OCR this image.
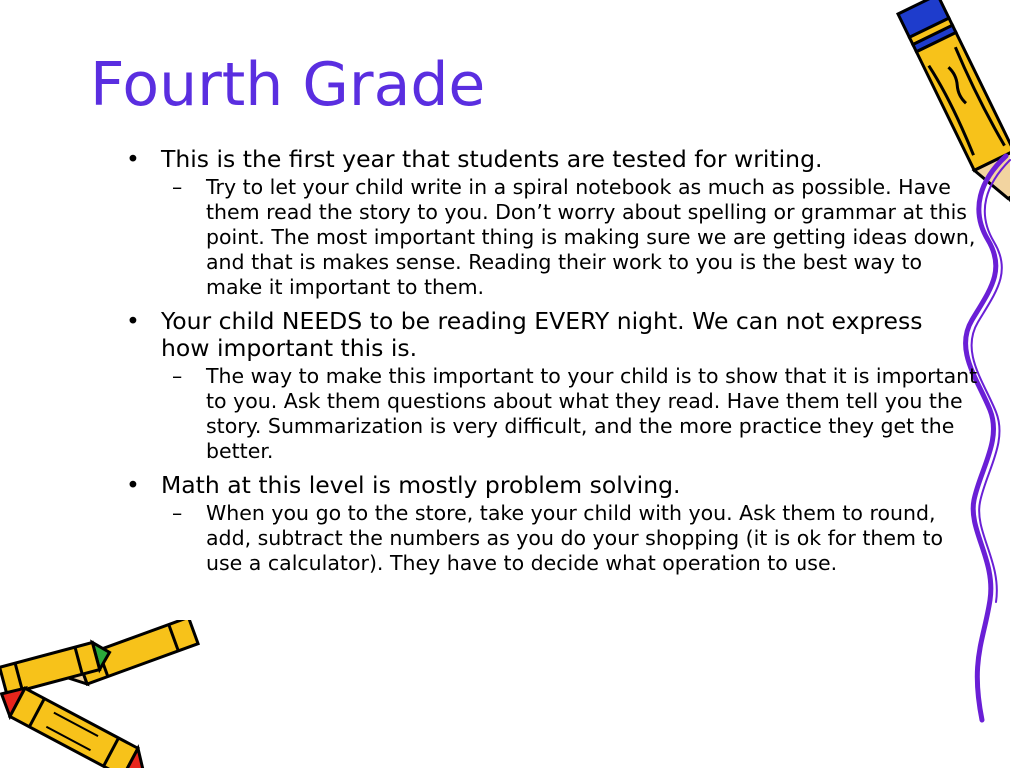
Fourth Grade

• This is the first year that students are tested for writing.

– Try to let your child write in a spiral notebook as much as possible. Have them read the story to you. Don’t worry about spelling or grammar at this point. The most important thing is making sure we are getting ideas down, and that is makes sense. Reading their work to you is the best way to make it important to them.

• Your child NEEDS to be reading EVERY night. We can not express how important this is.

– The way to make this important to your child is to show that it is important to you. Ask them questions about what they read. Have them tell you the story. Summarization is very difficult, and the more practice they get the better.

• Math at this level is mostly problem solving.

– When you go to the store, take your child with you. Ask them to round, add, subtract the numbers as you do your shopping (it is ok for them to use a calculator). They have to decide what operation to use.
